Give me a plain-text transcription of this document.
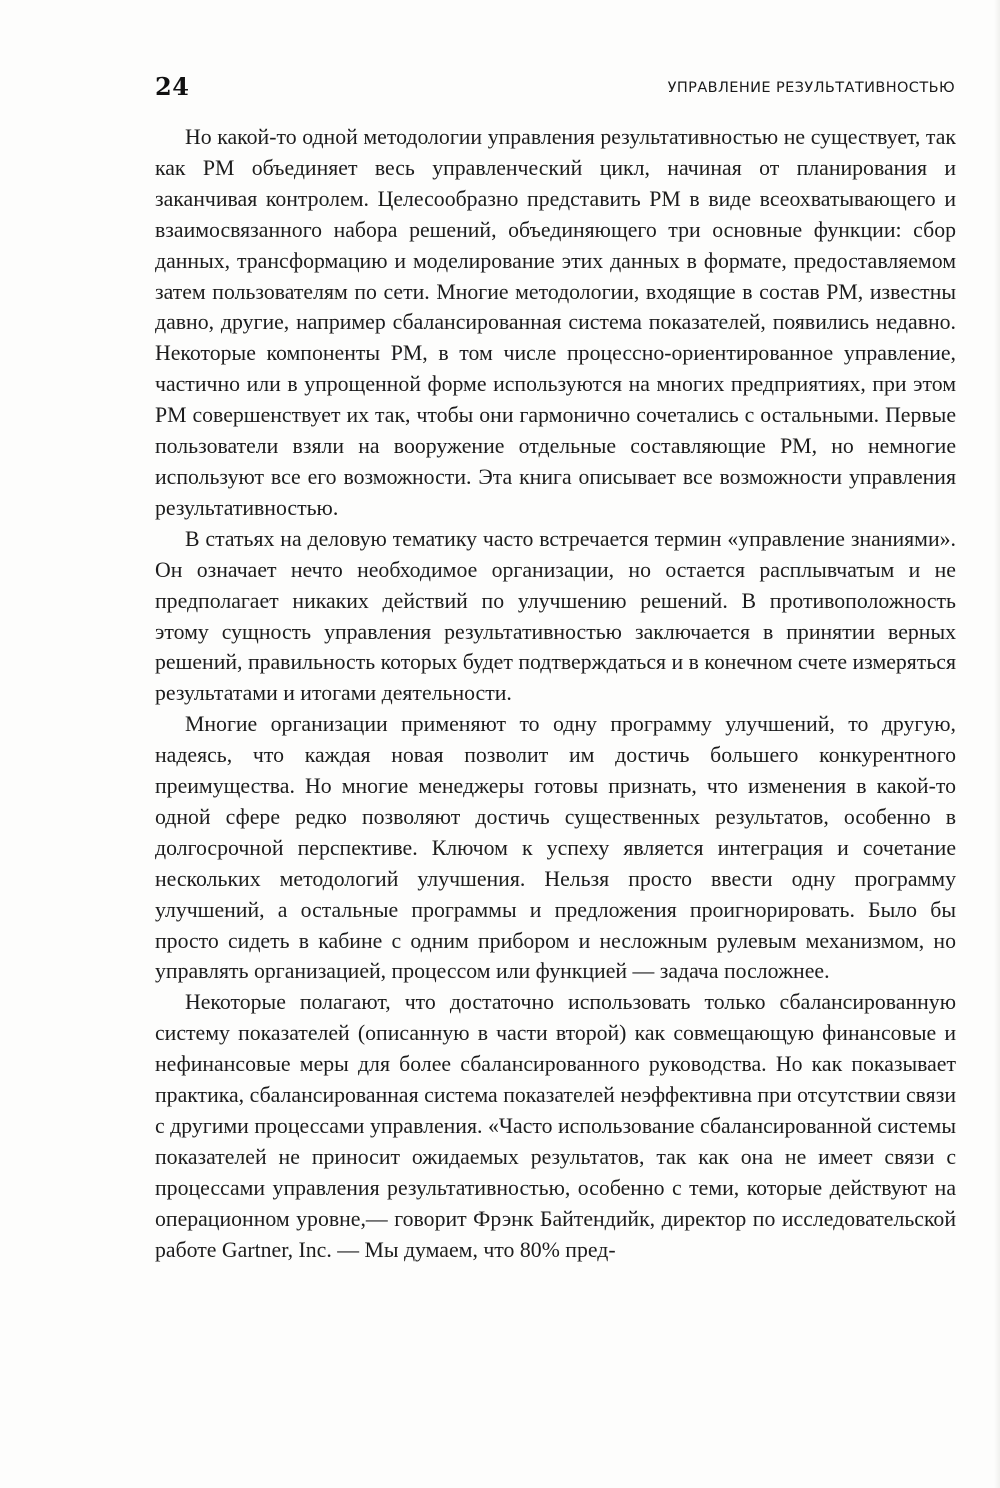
24	УПРАВЛЕНИЕ РЕЗУЛЬТАТИВНОСТЬЮ

Но какой-то одной методологии управления результативностью не существует, так как PM объединяет весь управленческий цикл, начиная от планирования и заканчивая контролем. Целесообразно представить PM в виде всеохватывающего и взаимосвязанного набора решений, объединяющего три основные функции: сбор данных, трансформацию и моделирование этих данных в формате, предоставляемом затем пользователям по сети. Многие методологии, входящие в состав PM, известны давно, другие, например сбалансированная система показателей, появились недавно. Некоторые компоненты PM, в том числе процессно-ориентированное управление, частично или в упрощенной форме используются на многих предприятиях, при этом PM совершенствует их так, чтобы они гармонично сочетались с остальными. Первые пользователи взяли на вооружение отдельные составляющие PM, но немногие используют все его возможности. Эта книга описывает все возможности управления результативностью.

В статьях на деловую тематику часто встречается термин «управление знаниями». Он означает нечто необходимое организации, но остается расплывчатым и не предполагает никаких действий по улучшению решений. В противоположность этому сущность управления результативностью заключается в принятии верных решений, правильность которых будет подтверждаться и в конечном счете измеряться результатами и итогами деятельности.

Многие организации применяют то одну программу улучшений, то другую, надеясь, что каждая новая позволит им достичь большего конкурентного преимущества. Но многие менеджеры готовы признать, что изменения в какой-то одной сфере редко позволяют достичь существенных результатов, особенно в долгосрочной перспективе. Ключом к успеху является интеграция и сочетание нескольких методологий улучшения. Нельзя просто ввести одну программу улучшений, а остальные программы и предложения проигнорировать. Было бы просто сидеть в кабине с одним прибором и несложным рулевым механизмом, но управлять организацией, процессом или функцией — задача посложнее.

Некоторые полагают, что достаточно использовать только сбалансированную систему показателей (описанную в части второй) как совмещающую финансовые и нефинансовые меры для более сбалансированного руководства. Но как показывает практика, сбалансированная система показателей неэффективна при отсутствии связи с другими процессами управления. «Часто использование сбалансированной системы показателей не приносит ожидаемых результатов, так как она не имеет связи с процессами управления результативностью, особенно с теми, которые действуют на операционном уровне,— говорит Фрэнк Байтендийк, директор по исследовательской работе Gartner, Inc. — Мы думаем, что 80% пред-
